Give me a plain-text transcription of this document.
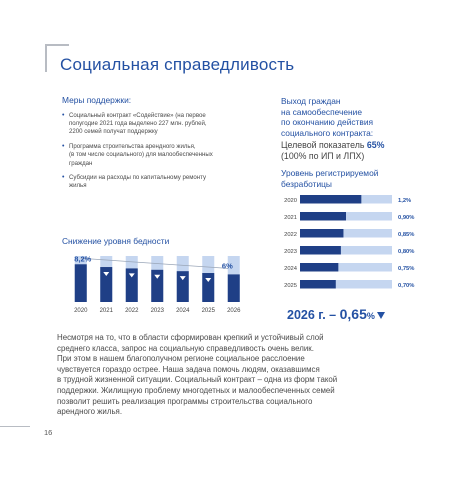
Социальная справедливость
Меры поддержки:
• Социальный контракт «Содействие» (на первое
полугодие 2021 года выделено 227 млн. рублей,
2200 семей получат поддержку
• Программа строительства арендного жилья,
(в том числе социального) для малообеспеченных
граждан
• Субсидии на расходы по капитальному ремонту
жилья
Снижение уровня бедности
Выход граждан
на самообеспечение
по окончанию действия
социального контракта:
Целевой показатель 65%
(100% по ИП и ЛПХ)
Уровень регистрируемой
безработицы
2020	1,2%
2021	0,90%
2022	0,85%
2023	0,80%
2024	0,75%
2025	0,70%
2020 2021 2022 2023 2024 2025 2026
8,2%
6%
2026 г. – 0,65%
Несмотря на то, что в области сформирован крепкий и устойчивый слой
среднего класса, запрос на социальную справедливость очень велик.
При этом в нашем благополучном регионе социальное расслоение
чувствуется гораздо острее. Наша задача помочь людям, оказавшимся
в трудной жизненной ситуации. Социальный контракт – одна из форм такой
поддержки. Жилищную проблему многодетных и малообеспеченных семей
позволит решить реализация программы строительства социального
арендного жилья.
16
